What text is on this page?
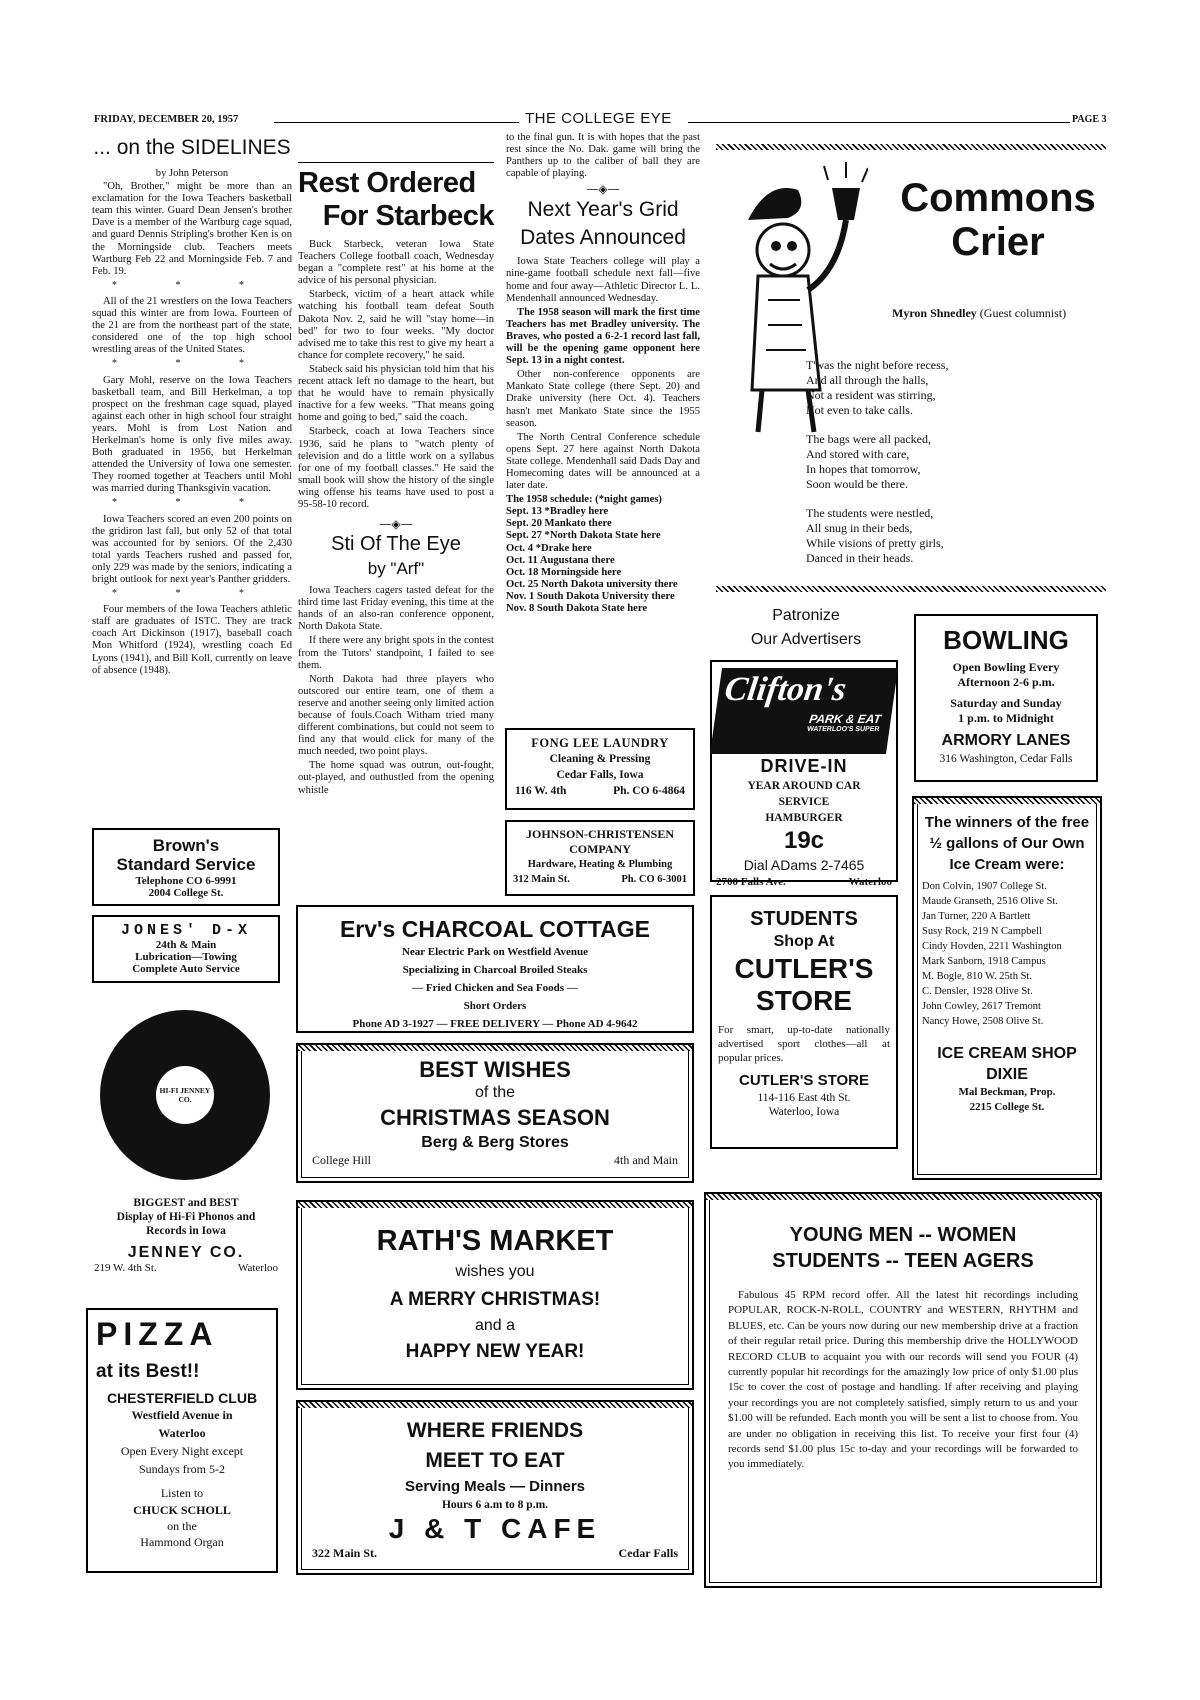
FRIDAY, DECEMBER 20, 1957	THE COLLEGE EYE	PAGE 3
... on the SIDELINES
by John Peterson

"Oh, Brother," might be more than an exclamation for the Iowa Teachers basketball team this winter. Guard Dean Jensen's brother Dave is a member of the Wartburg cage squad, and guard Dennis Stripling's brother Ken is on the Morningside club. Teachers meets Wartburg Feb 22 and Morningside Feb. 7 and Feb. 19.

* * *

All of the 21 wrestlers on the Iowa Teachers squad this winter are from Iowa. Fourteen of the 21 are from the northeast part of the state, considered one of the top high school wrestling areas of the United States.

* * *

Gary Mohl, reserve on the Iowa Teachers basketball team, and Bill Herkelman, a top prospect on the freshman cage squad, played against each other in high school four straight years. Mohl is from Lost Nation and Herkelman's home is only five miles away. Both graduated in 1956, but Herkelman attended the University of Iowa one semester. They roomed together at Teachers until Mohl was married during Thanksgivin vacation.

* * *

Iowa Teachers scored an even 200 points on the gridiron last fall, but only 52 of that total was accounted for by seniors. Of the 2,430 total yards Teachers rushed and passed for, only 229 was made by the seniors, indicating a bright outlook for next year's Panther gridders.

* * *

Four members of the Iowa Teachers athletic staff are graduates of ISTC. They are track coach Art Dickinson (1917), baseball coach Mon Whitford (1924), wrestling coach Ed Lyons (1941), and Bill Koll, currently on leave of absence (1948).

Brown's
Standard Service
Telephone CO 6-9991
2004 College St.
JONES' D-X
24th & Main
Lubrication—Towing
Complete Auto Service
HI-FI JENNEY CO.
BIGGEST and BEST
Display of Hi-Fi Phonos and
Records in Iowa
JENNEY CO.
219 W. 4th St.	Waterloo
PIZZA
at its Best!!
CHESTERFIELD CLUB
Westfield Avenue in
Waterloo
Open Every Night except
Sundays from 5-2
Listen to
CHUCK SCHOLL
on the
Hammond Organ
Rest Ordered
For Starbeck

Buck Starbeck, veteran Iowa State Teachers College football coach, Wednesday began a "complete rest" at his home at the advice of his personal physician.

Starbeck, victim of a heart attack while watching his football team defeat South Dakota Nov. 2, said he will "stay home—in bed" for two to four weeks. "My doctor advised me to take this rest to give my heart a chance for complete recovery," he said.

Stabeck said his physician told him that his recent attack left no damage to the heart, but that he would have to remain physically inactive for a few weeks. "That means going home and going to bed," said the coach.

Starbeck, coach at Iowa Teachers since 1936, said he plans to "watch plenty of television and do a little work on a syllabus for one of my football classes." He said the small book will show the history of the single wing offense his teams have used to post a 95-58-10 record.

—◈—
Sti Of The Eye
by "Arf"

Iowa Teachers cagers tasted defeat for the third time last Friday evening, this time at the hands of an also-ran conference opponent, North Dakota State.

If there were any bright spots in the contest from the Tutors' standpoint, I failed to see them.

North Dakota had three players who outscored our entire team, one of them a reserve and another seeing only limited action because of fouls.Coach Witham tried many different combinations, but could not seem to find any that would click for many of the much needed, two point plays.

The home squad was outrun, out-fought, out-played, and outhustled from the opening whistle

to the final gun. It is with hopes that the past rest since the No. Dak. game will bring the Panthers up to the caliber of ball they are capable of playing.

—◈—
Next Year's Grid
Dates Announced

Iowa State Teachers college will play a nine-game football schedule next fall—five home and four away—Athletic Director L. L. Mendenhall announced Wednesday.

The 1958 season will mark the first time Teachers has met Bradley university. The Braves, who posted a 6-2-1 record last fall, will be the opening game opponent here Sept. 13 in a night contest.

Other non-conference opponents are Mankato State college (there Sept. 20) and Drake university (here Oct. 4). Teachers hasn't met Mankato State since the 1955 season.

The North Central Conference schedule opens Sept. 27 here against North Dakota State college. Mendenhall said Dads Day and Homecoming dates will be announced at a later date.

The 1958 schedule: (*night games)
Sept. 13 *Bradley here
Sept. 20 Mankato there
Sept. 27 *North Dakota State here
Oct. 4 *Drake here
Oct. 11 Augustana there
Oct. 18 Morningside here
Oct. 25 North Dakota university there
Nov. 1 South Dakota University there
Nov. 8 South Dakota State here
FONG LEE LAUNDRY
Cleaning & Pressing
Cedar Falls, Iowa
116 W. 4th	Ph. CO 6-4864
JOHNSON-CHRISTENSEN
COMPANY
Hardware, Heating & Plumbing
312 Main St.	Ph. CO 6-3001
Erv's CHARCOAL COTTAGE
Near Electric Park on Westfield Avenue
Specializing in Charcoal Broiled Steaks
— Fried Chicken and Sea Foods —
Short Orders
Phone AD 3-1927 — FREE DELIVERY — Phone AD 4-9642
BEST WISHES
of the
CHRISTMAS SEASON
Berg & Berg Stores
College Hill	4th and Main
RATH'S MARKET
wishes you
A MERRY CHRISTMAS!
and a
HAPPY NEW YEAR!
WHERE FRIENDS
MEET TO EAT
Serving Meals — Dinners
Hours 6 a.m to 8 p.m.
J & T CAFE
322 Main St.	Cedar Falls
Commons
Crier
Myron Shnedley (Guest columnist)
T'was the night before recess,
And all through the halls,
Not a resident was stirring,
Not even to take calls.
The bags were all packed,
And stored with care,
In hopes that tomorrow,
Soon would be there.
The students were nestled,
All snug in their beds,
While visions of pretty girls,
Danced in their heads.
Patronize
Our Advertisers
Clifton's
PARK & EAT
WATERLOO'S SUPER
DRIVE-IN
YEAR AROUND CAR
SERVICE
HAMBURGER
19c
Dial ADams 2-7465
2700 Falls Ave.	Waterloo
BOWLING
Open Bowling Every
Afternoon 2-6 p.m.
Saturday and Sunday
1 p.m. to Midnight
ARMORY LANES
316 Washington, Cedar Falls
STUDENTS
Shop At
CUTLER'S
STORE
For smart, up-to-date nationally advertised sport clothes—all at popular prices.
CUTLER'S STORE
114-116 East 4th St.
Waterloo, Iowa
The winners of the free ½ gallons of Our Own Ice Cream were:
Don Colvin, 1907 College St.
Maude Granseth, 2516 Olive St.
Jan Turner, 220 A Bartlett
Susy Rock, 219 N Campbell
Cindy Hovden, 2211 Washington
Mark Sanborn, 1918 Campus
M. Bogle, 810 W. 25th St.
C. Densler, 1928 Olive St.
John Cowley, 2617 Tremont
Nancy Howe, 2508 Olive St.
ICE CREAM SHOP
DIXIE
Mal Beckman, Prop.
2215 College St.
YOUNG MEN -- WOMEN
STUDENTS -- TEEN AGERS
Fabulous 45 RPM record offer. All the latest hit recordings including POPULAR, ROCK-N-ROLL, COUNTRY and WESTERN, RHYTHM and BLUES, etc. Can be yours now during our new membership drive at a fraction of their regular retail price. During this membership drive the HOLLYWOOD RECORD CLUB to acquaint you with our records will send you FOUR (4) currently popular hit recordings for the amazingly low price of only $1.00 plus 15c to cover the cost of postage and handling. If after receiving and playing your recordings you are not completely satisfied, simply return to us and your $1.00 will be refunded. Each month you will be sent a list to choose from. You are under no obligation in receiving this list. To receive your first four (4) records send $1.00 plus 15c to-day and your recordings will be forwarded to you immediately.
